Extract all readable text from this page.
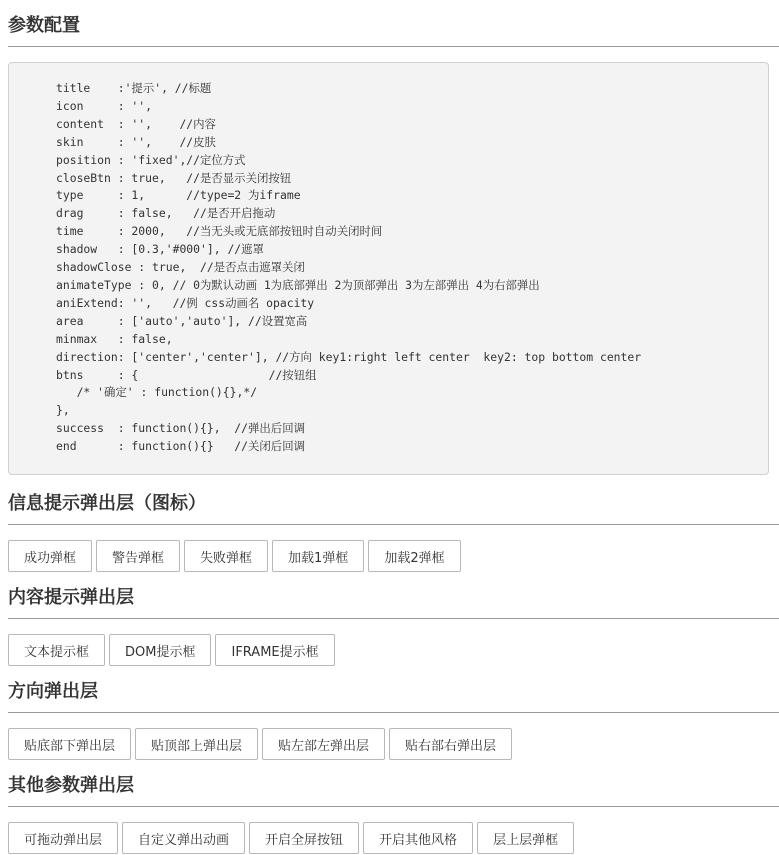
参数配置
title    :'提示', //标题
icon     : '',
content  : '',    //内容
skin     : '',    //皮肤
position : 'fixed',//定位方式
closeBtn : true,   //是否显示关闭按钮
type     : 1,      //type=2 为iframe
drag     : false,   //是否开启拖动
time     : 2000,   //当无头或无底部按钮时自动关闭时间
shadow   : [0.3,'#000'], //遮罩
shadowClose : true,  //是否点击遮罩关闭
animateType : 0, // 0为默认动画 1为底部弹出 2为顶部弹出 3为左部弹出 4为右部弹出
aniExtend: '',   //例 css动画名 opacity
area     : ['auto','auto'], //设置宽高
minmax   : false,
direction: ['center','center'], //方向 key1:right left center  key2: top bottom center
btns     : {                   //按钮组
/* '确定' : function(){},*/
},
success  : function(){},  //弹出后回调
end      : function(){}   //关闭后回调
信息提示弹出层（图标）
成功弹框	警告弹框	失败弹框	加载1弹框	加载2弹框
内容提示弹出层
文本提示框	DOM提示框	IFRAME提示框
方向弹出层
贴底部下弹出层	贴顶部上弹出层	贴左部左弹出层	贴右部右弹出层
其他参数弹出层
可拖动弹出层	自定义弹出动画	开启全屏按钮	开启其他风格	层上层弹框
